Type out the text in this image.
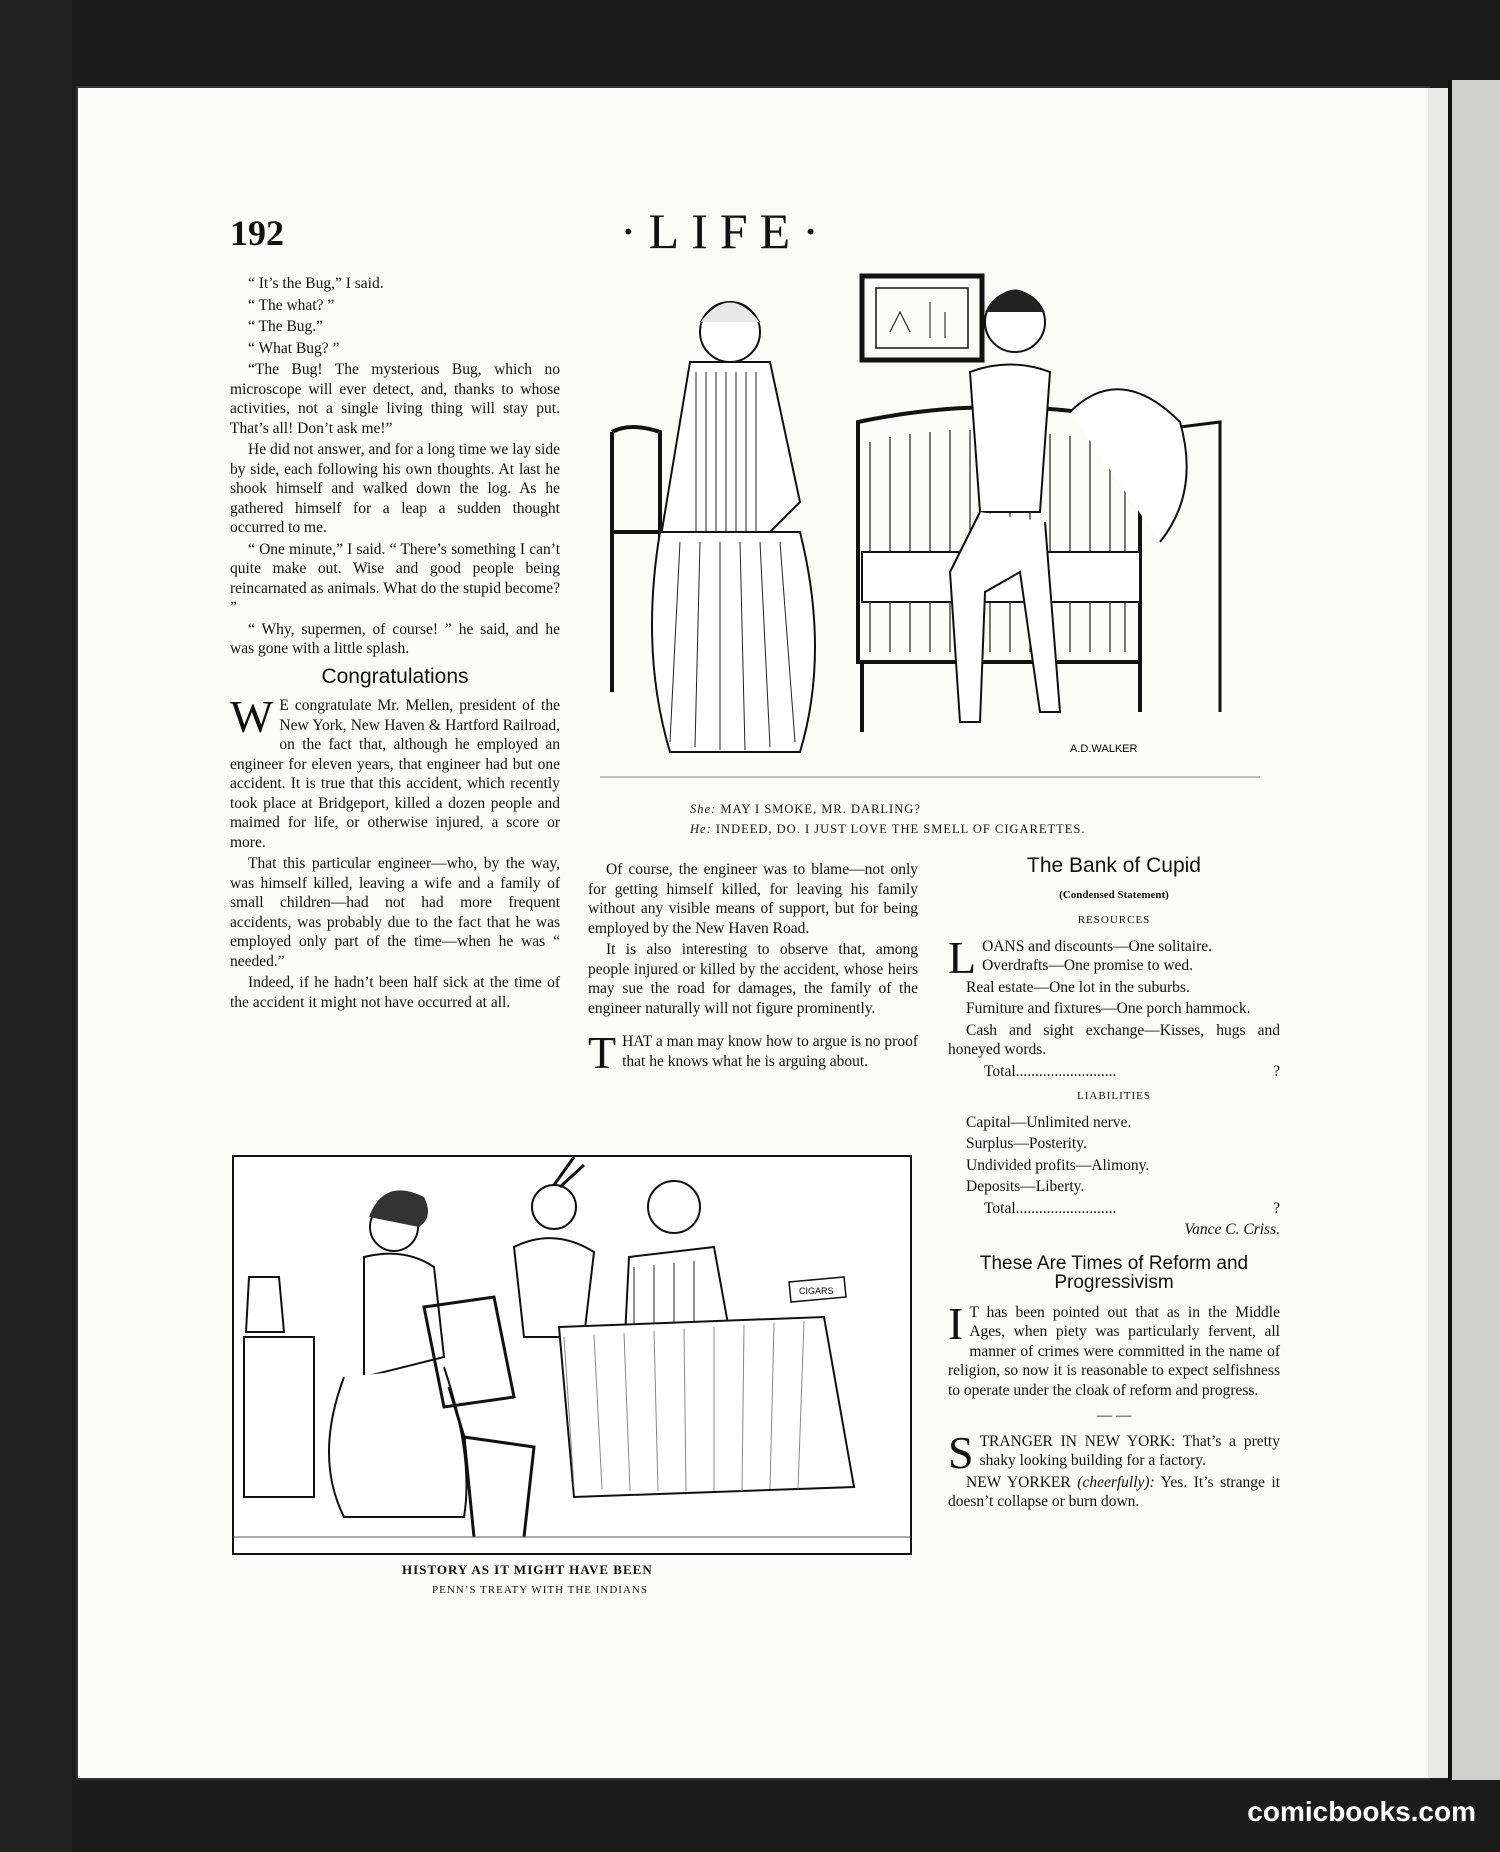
192	·LIFE·

“ It’s the Bug,” I said.

“ The what? ”

“ The Bug.”

“ What Bug? ”

“The Bug! The mysterious Bug, which no microscope will ever detect, and, thanks to whose activities, not a single living thing will stay put. That’s all! Don’t ask me!”

He did not answer, and for a long time we lay side by side, each following his own thoughts. At last he shook himself and walked down the log. As he gathered himself for a leap a sudden thought occurred to me.

“ One minute,” I said. “ There’s something I can’t quite make out. Wise and good people being reincarnated as animals. What do the stupid become? ”

“ Why, supermen, of course! ” he said, and he was gone with a little splash.

Congratulations

W E congratulate Mr. Mellen, president of the New York, New Haven & Hartford Railroad, on the fact that, although he employed an engineer for eleven years, that engineer had but one accident. It is true that this accident, which recently took place at Bridgeport, killed a dozen people and maimed for life, or otherwise injured, a score or more.

That this particular engineer—who, by the way, was himself killed, leaving a wife and a family of small children—had not had more frequent accidents, was probably due to the fact that he was employed only part of the time—when he was “ needed.”

Indeed, if he hadn’t been half sick at the time of the accident it might not have occurred at all.

A.D.WALKER
She: MAY I SMOKE, MR. DARLING?
He: INDEED, DO. I JUST LOVE THE SMELL OF CIGARETTES.

Of course, the engineer was to blame—not only for getting himself killed, for leaving his family without any visible means of support, but for being employed by the New Haven Road.

It is also interesting to observe that, among people injured or killed by the accident, whose heirs may sue the road for damages, the family of the engineer naturally will not figure prominently.

THAT a man may know how to argue is no proof that he knows what he is arguing about.

The Bank of Cupid
(Condensed Statement)
RESOURCES

LOANS and discounts—One solitaire.
Overdrafts—One promise to wed.

Real estate—One lot in the suburbs.

Furniture and fixtures—One porch hammock.

Cash and sight exchange—Kisses, hugs and honeyed words.

Total..........................	?
LIABILITIES

Capital—Unlimited nerve.

Surplus—Posterity.

Undivided profits—Alimony.

Deposits—Liberty.

Total..........................	?
Vance C. Criss.
These Are Times of Reform and Progressivism

I T has been pointed out that as in the Middle Ages, when piety was particularly fervent, all manner of crimes were committed in the name of religion, so now it is reasonable to expect selfishness to operate under the cloak of reform and progress.

— —

STRANGER IN NEW YORK: That’s a pretty shaky looking building for a factory.

NEW YORKER (cheerfully): Yes. It’s strange it doesn’t collapse or burn down.

CIGARS
HISTORY AS IT MIGHT HAVE BEEN
PENN’S TREATY WITH THE INDIANS
comicbooks.com
